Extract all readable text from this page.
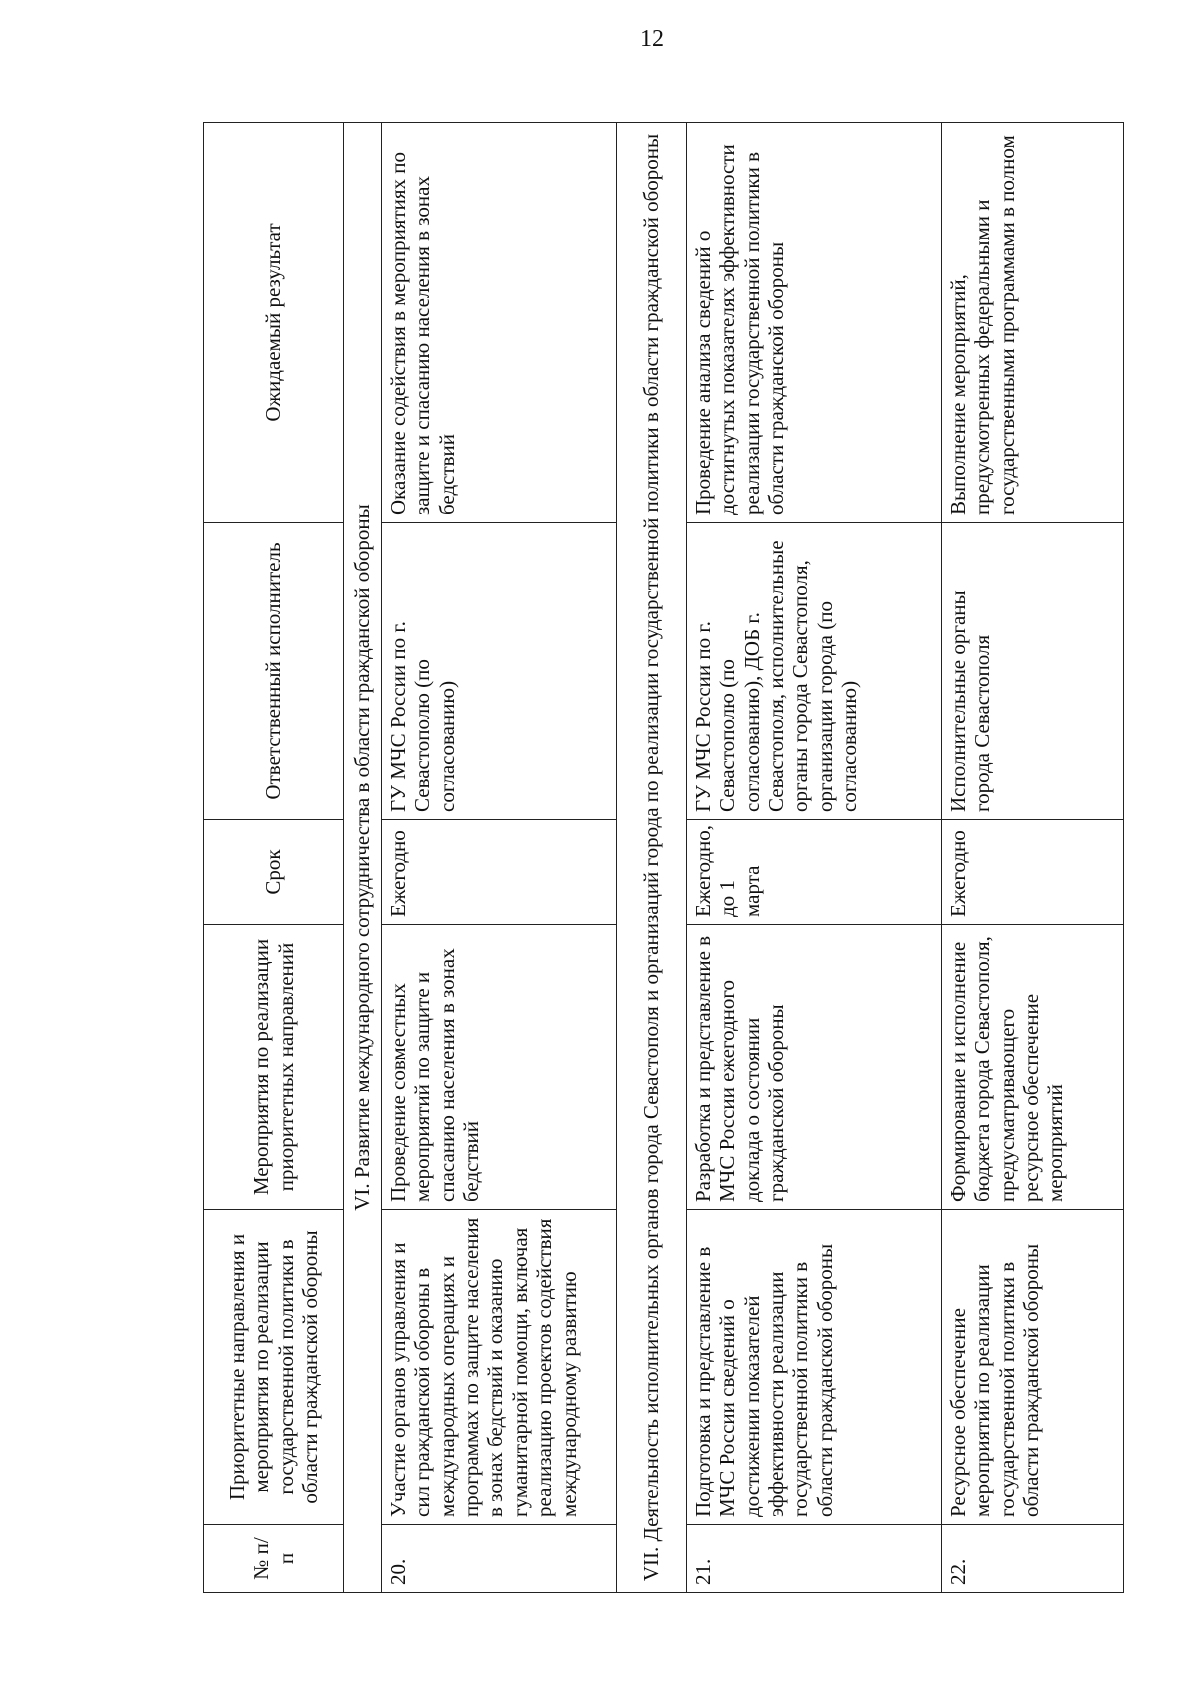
12
№ п/п	Приоритетные направления и мероприятия по реализации государственной политики в области гражданской обороны	Мероприятия по реализации приоритетных направлений	Срок	Ответственный исполнитель	Ожидаемый результат
VI. Развитие международного сотрудничества в области гражданской обороны					
20.	Участие органов управления и сил гражданской обороны в международных операциях и программах по защите населения в зонах бедствий и оказанию гуманитарной помощи, включая реализацию проектов содействия международному развитию	Проведение совместных мероприятий по защите и спасанию населения в зонах бедствий	Ежегодно	ГУ МЧС России по г. Севастополю (по согласованию)	Оказание содействия в мероприятиях по защите и спасанию населения в зонах бедствий
VII. Деятельность исполнительных органов города Севастополя и организаций города по реализации государственной политики в области гражданской обороны					
21.	Подготовка и представление в МЧС России сведений о достижении показателей эффективности реализации государственной политики в области гражданской обороны	Разработка и представление в МЧС России ежегодного доклада о состоянии гражданской обороны	Ежегодно, до 1 марта	ГУ МЧС России по г. Севастополю (по согласованию), ДОБ г. Севастополя, исполнительные органы города Севастополя, организации города (по согласованию)	Проведение анализа сведений о достигнутых показателях эффективности реализации государственной политики в области гражданской обороны
22.	Ресурсное обеспечение мероприятий по реализации государственной политики в области гражданской обороны	Формирование и исполнение бюджета города Севастополя, предусматривающего ресурсное обеспечение мероприятий	Ежегодно	Исполнительные органы города Севастополя	Выполнение мероприятий, предусмотренных федеральными и государственными программами в полном
